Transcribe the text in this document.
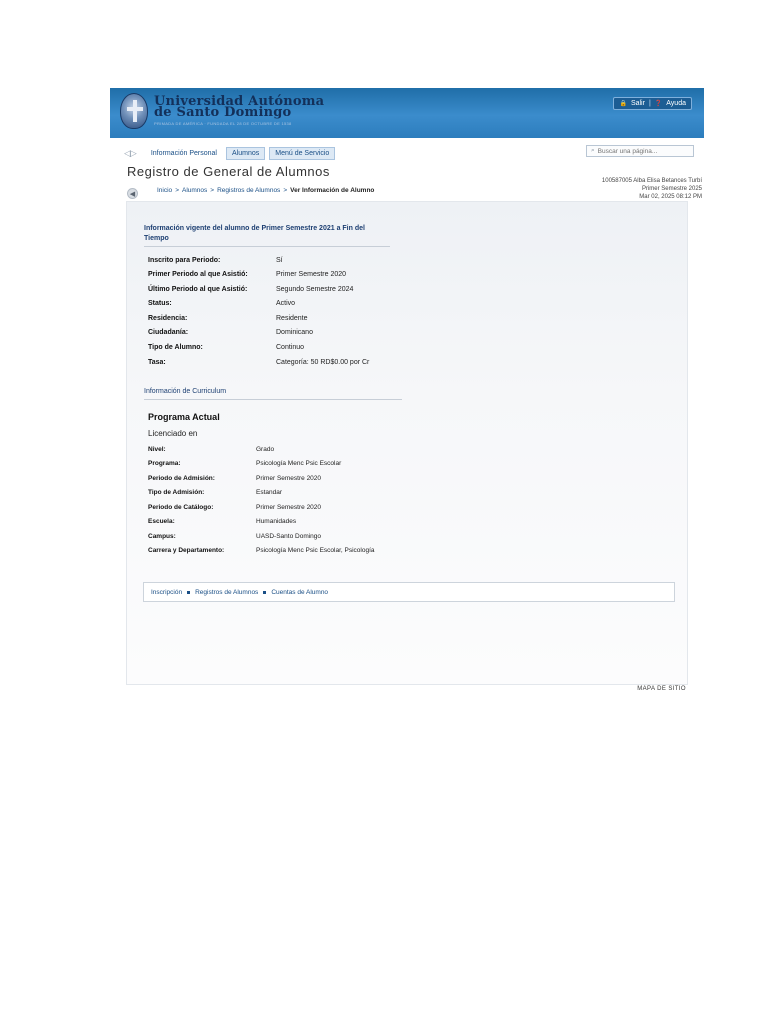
Universidad Autónoma
de Santo Domingo
PRIMADA DE AMÉRICA · FUNDADA EL 28 DE OCTUBRE DE 1538
🔒 Salir | ❓ Ayuda
◁▷	Información Personal	Alumnos	Menú de Servicio	⌕
Buscar una página...
Registro de General de Alumnos
100587005 Alba Elisa Betances Turbí
Primer Semestre 2025
Mar 02, 2025 08:12 PM
◀	Inicio > Alumnos > Registros de Alumnos > Ver Información de Alumno
Información vigente del alumno de Primer Semestre 2021 a Fin del Tiempo
Inscrito para Periodo:	Sí
Primer Periodo al que Asistió:	Primer Semestre 2020
Último Periodo al que Asistió:	Segundo Semestre 2024
Status:	Activo
Residencia:	Residente
Ciudadanía:	Dominicano
Tipo de Alumno:	Continuo
Tasa:	Categoría: 50 RD$0.00 por Cr
Información de Curriculum
Programa Actual
Licenciado en
Nivel:	Grado
Programa:	Psicología Menc Psic Escolar
Periodo de Admisión:	Primer Semestre 2020
Tipo de Admisión:	Estandar
Periodo de Catálogo:	Primer Semestre 2020
Escuela:	Humanidades
Campus:	UASD-Santo Domingo
Carrera y Departamento:	Psicología Menc Psic Escolar, Psicología
Inscripción Registros de Alumnos Cuentas de Alumno
MAPA DE SITIO
